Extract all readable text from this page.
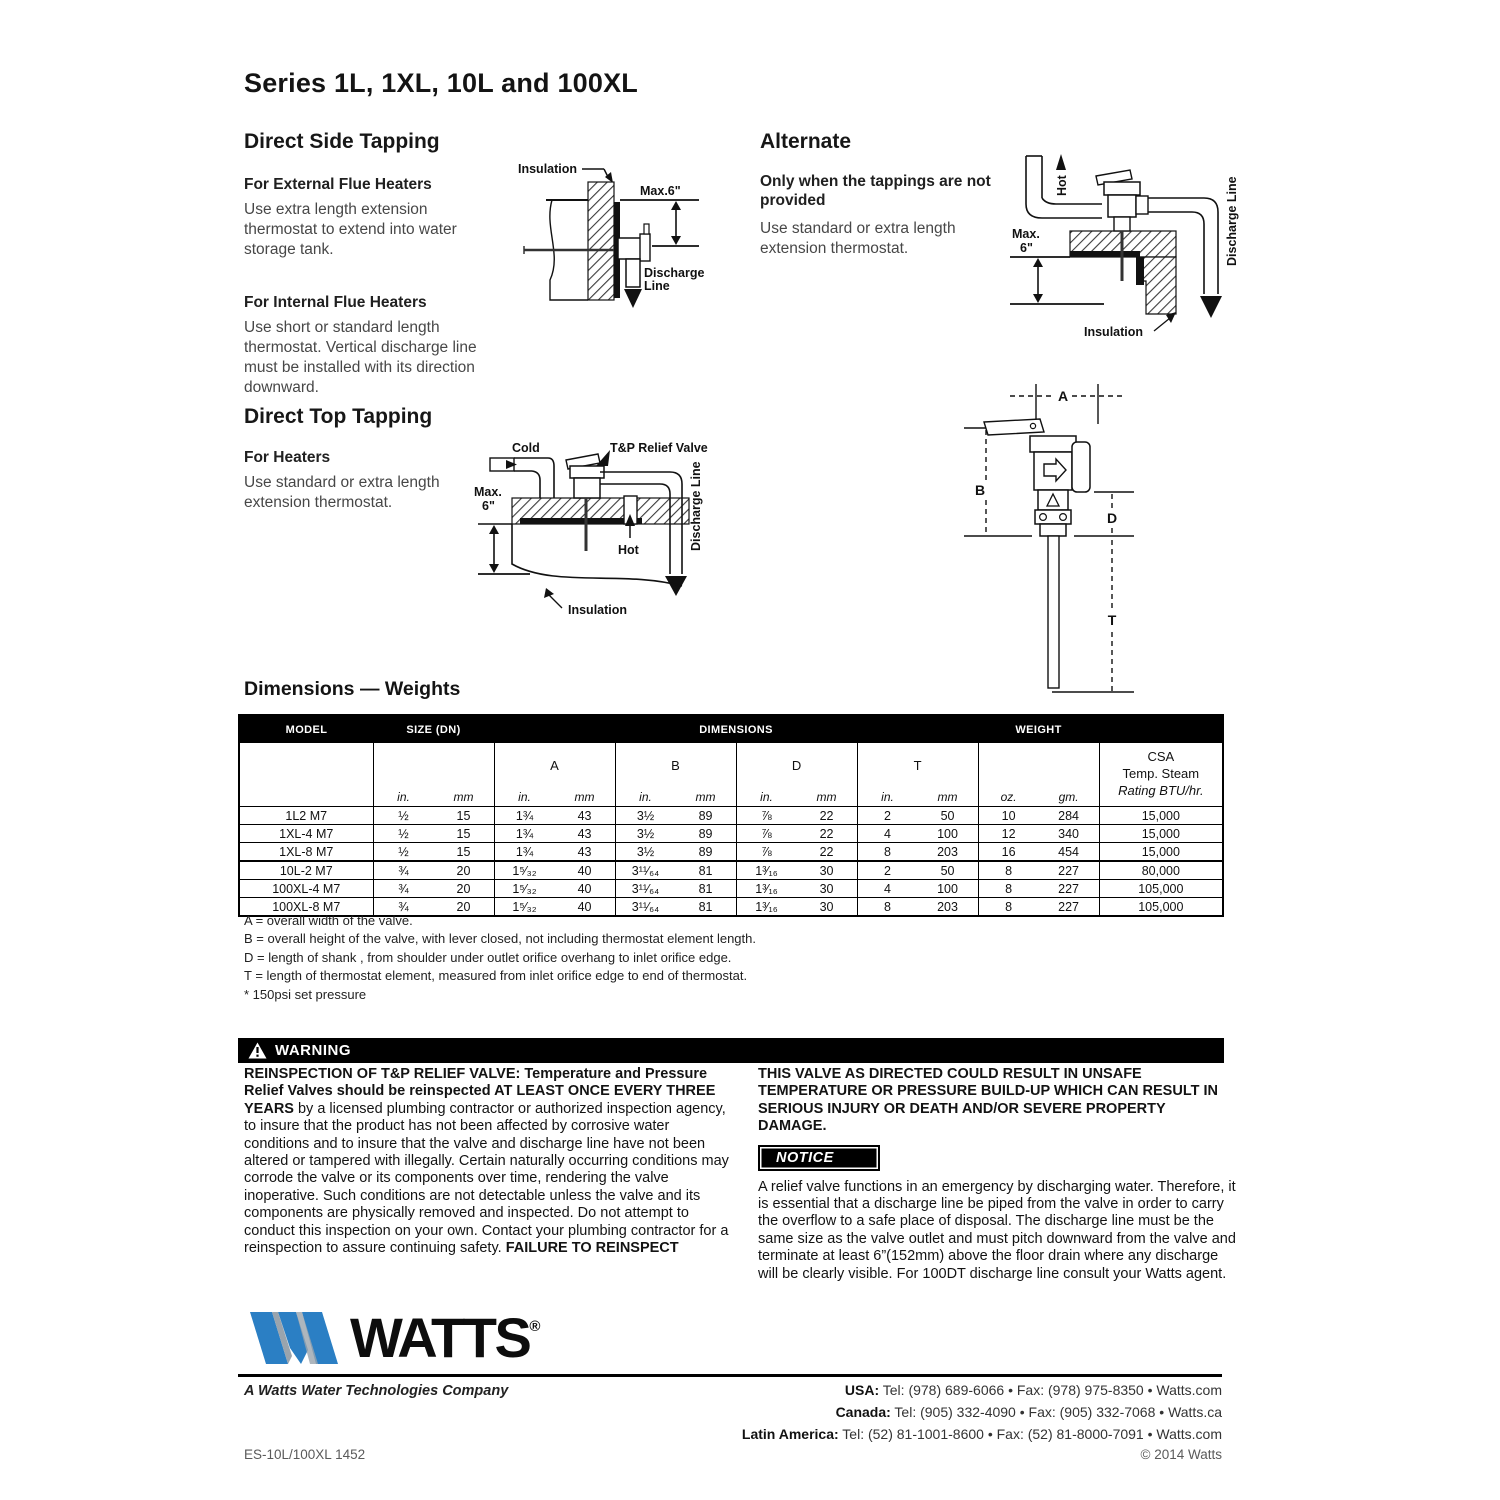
Series 1L, 1XL, 10L and 100XL
Direct Side Tapping
For External Flue Heaters

Use extra length extension thermostat to extend into water storage tank.

For Internal Flue Heaters

Use short or standard length thermostat. Vertical discharge line must be installed with its direction downward.

Insulation
Max.6"
Discharge
Line
Alternate
Only when the tappings are not provided

Use standard or extra length extension thermostat.

Hot	Discharge Line
Max.
6"
Insulation
Direct Top Tapping
For Heaters

Use standard or extra length extension thermostat.

Cold	T&P Relief Valve
Discharge Line
Hot
Max.
6"
Insulation
A
B
D
T
Dimensions — Weights
MODEL	SIZE (DN)		DIMENSIONS								WEIGHT		
			A		B		D		T				CSA
Temp. Steam
Rating BTU/hr.

	in.	mm	in.	mm	in.	mm	in.	mm	in.	mm	oz.	gm.	
1L2 M7	½	15	1¾	43	3½	89	⅞	22	2	50	10	284	15,000
1XL-4 M7	½	15	1¾	43	3½	89	⅞	22	4	100	12	340	15,000
1XL-8 M7	½	15	1¾	43	3½	89	⅞	22	8	203	16	454	15,000
10L-2 M7	¾	20	1⁵⁄₃₂	40	3¹¹⁄₆₄	81	1³⁄₁₆	30	2	50	8	227	80,000
100XL-4 M7	¾	20	1⁵⁄₃₂	40	3¹¹⁄₆₄	81	1³⁄₁₆	30	4	100	8	227	105,000
100XL-8 M7	¾	20	1⁵⁄₃₂	40	3¹¹⁄₆₄	81	1³⁄₁₆	30	8	203	8	227	105,000
A = overall width of the valve.
B = overall height of the valve, with lever closed, not including thermostat element length.
D = length of shank , from shoulder under outlet orifice overhang to inlet orifice edge.
T = length of thermostat element, measured from inlet orifice edge to end of thermostat.
* 150psi set pressure
WARNING

REINSPECTION OF T&P RELIEF VALVE: Temperature and Pressure Relief Valves should be reinspected AT LEAST ONCE EVERY THREE YEARS by a licensed plumbing contractor or authorized inspection agency, to insure that the product has not been affected by corrosive water conditions and to insure that the valve and discharge line have not been altered or tampered with illegally. Certain naturally occurring conditions may corrode the valve or its components over time, rendering the valve inoperative. Such conditions are not detectable unless the valve and its components are physically removed and inspected. Do not attempt to conduct this inspection on your own. Contact your plumbing contractor for a reinspection to assure continuing safety. FAILURE TO REINSPECT

THIS VALVE AS DIRECTED COULD RESULT IN UNSAFE TEMPERATURE OR PRESSURE BUILD-UP WHICH CAN RESULT IN SERIOUS INJURY OR DEATH AND/OR SEVERE PROPERTY DAMAGE.

NOTICE

A relief valve functions in an emergency by discharging water. Therefore, it is essential that a discharge line be piped from the valve in order to carry the overflow to a safe place of disposal. The discharge line must be the same size as the valve outlet and must pitch downward from the valve and terminate at least 6”(152mm) above the floor drain where any discharge will be clearly visible. For 100DT discharge line consult your Watts agent.

WATTS®
A Watts Water Technologies Company	USA: Tel: (978) 689-6066 • Fax: (978) 975-8350 • Watts.com
Canada: Tel: (905) 332-4090 • Fax: (905) 332-7068 • Watts.ca
Latin America: Tel: (52) 81-1001-8600 • Fax: (52) 81-8000-7091 • Watts.com
ES-10L/100XL 1452	© 2014 Watts
